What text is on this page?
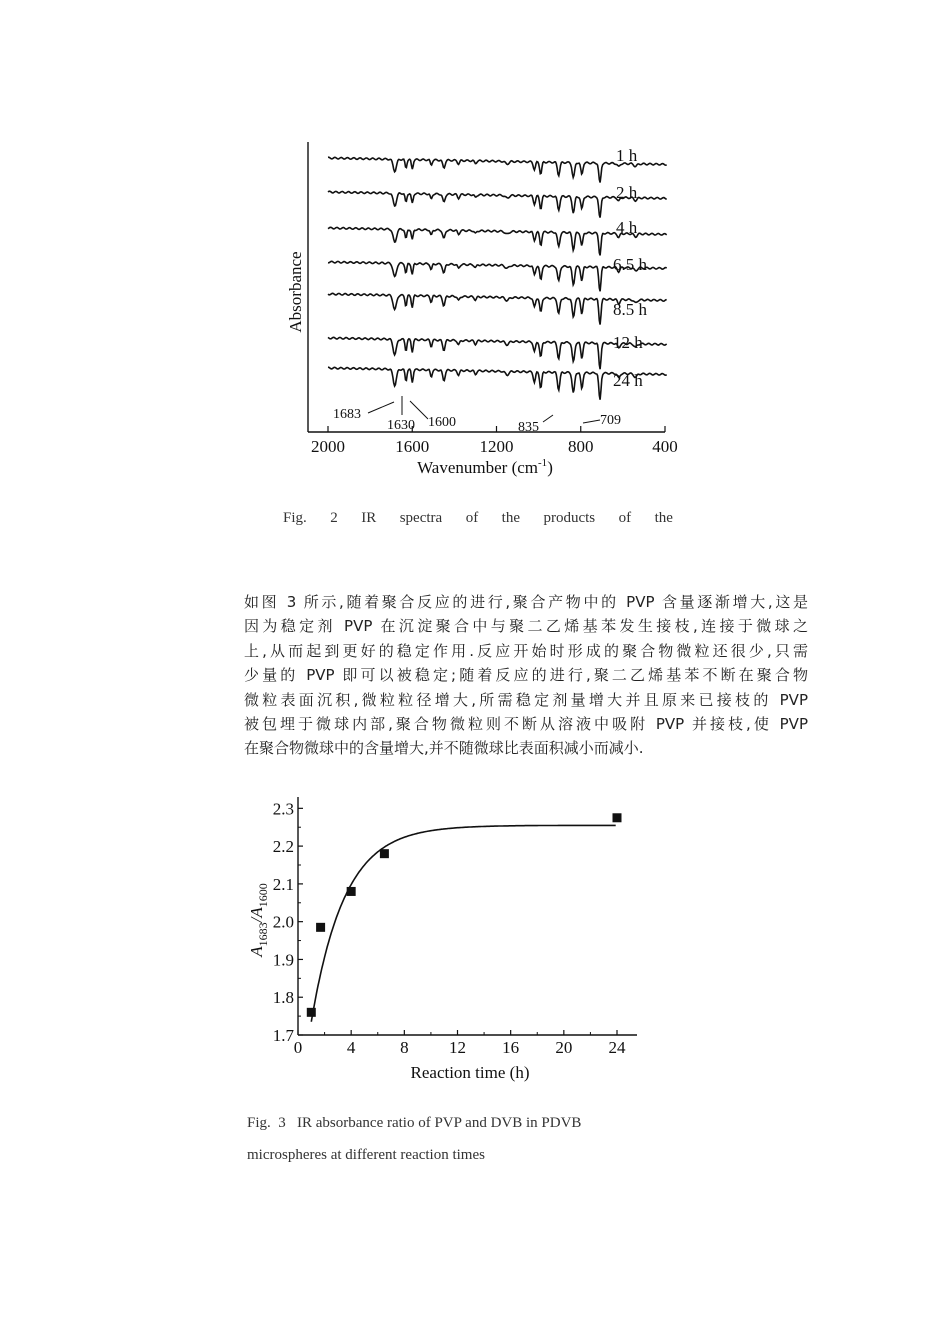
1 h
2 h
4 h
6.5 h
8.5 h
12 h
24 h
2000	1600	1200	800	400
Absorbance
Wavenumber $(cm^{-1})$
1683
1630 1600	835	709
Fig. 2 IR spectra of the products of the
如图 3 所示,随着聚合反应的进行,聚合产物中的 PVP 含量逐渐增大,这是
因为稳定剂 PVP 在沉淀聚合中与聚二乙烯基苯发生接枝,连接于微球之
上,从而起到更好的稳定作用.反应开始时形成的聚合物微粒还很少,只需
少量的 PVP 即可以被稳定;随着反应的进行,聚二乙烯基苯不断在聚合物
微粒表面沉积,微粒粒径增大,所需稳定剂量增大并且原来已接枝的 PVP
被包埋于微球内部,聚合物微粒则不断从溶液中吸附 PVP 并接枝,使 PVP
在聚合物微球中的含量增大,并不随微球比表面积减小而减小.
0	4	8 12 16 20 24
1.7
1.8
1.9
2.0
2.1
2.2
2.3
Reaction time (h)
$A_{1683}/A_{1600}$
Fig.  3   IR absorbance ratio of PVP and DVB in PDVB
microspheres at different reaction times
